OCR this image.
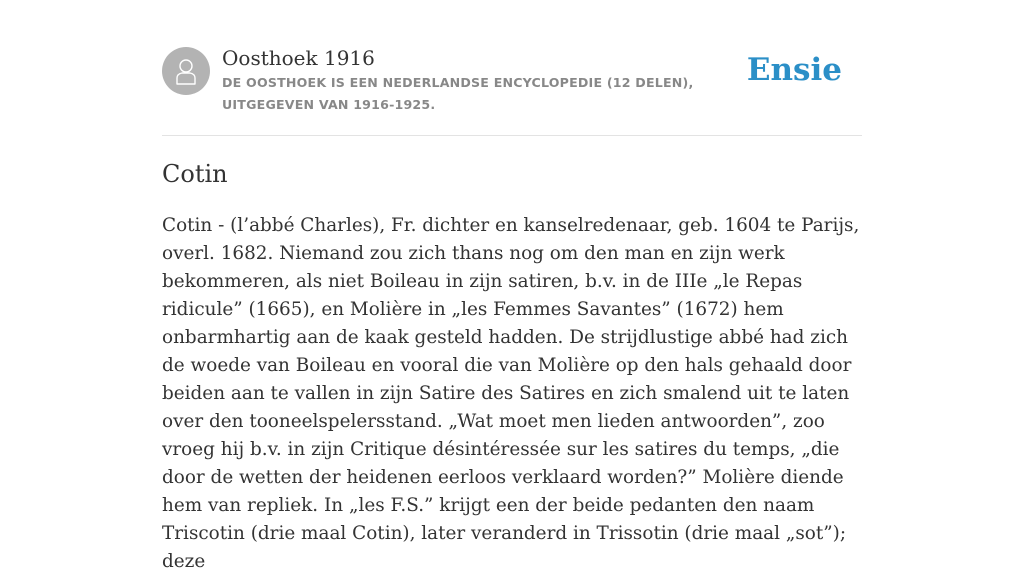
Oosthoek 1916
DE OOSTHOEK IS EEN NEDERLANDSE ENCYCLOPEDIE (12 DELEN), UITGEGEVEN VAN 1916-1925.
Ensie
Cotin
Cotin - (l’abbé Charles), Fr. dichter en kanselredenaar, geb. 1604 te Parijs, overl. 1682. Niemand zou zich thans nog om den man en zijn werk bekommeren, als niet Boileau in zijn satiren, b.v. in de IIIe „le Repas ridicule” (1665), en Molière in „les Femmes Savantes” (1672) hem onbarmhartig aan de kaak gesteld hadden. De strijdlustige abbé had zich de woede van Boileau en vooral die van Molière op den hals gehaald door beiden aan te vallen in zijn Satire des Satires en zich smalend uit te laten over den tooneelspelersstand. „Wat moet men lieden antwoorden”, zoo vroeg hij b.v. in zijn Critique désintéressée sur les satires du temps, „die door de wetten der heidenen eerloos verklaard worden?” Molière diende hem van repliek. In „les F.S.” krijgt een der beide pedanten den naam Triscotin (drie maal Cotin), later veranderd in Trissotin (drie maal „sot”); deze
